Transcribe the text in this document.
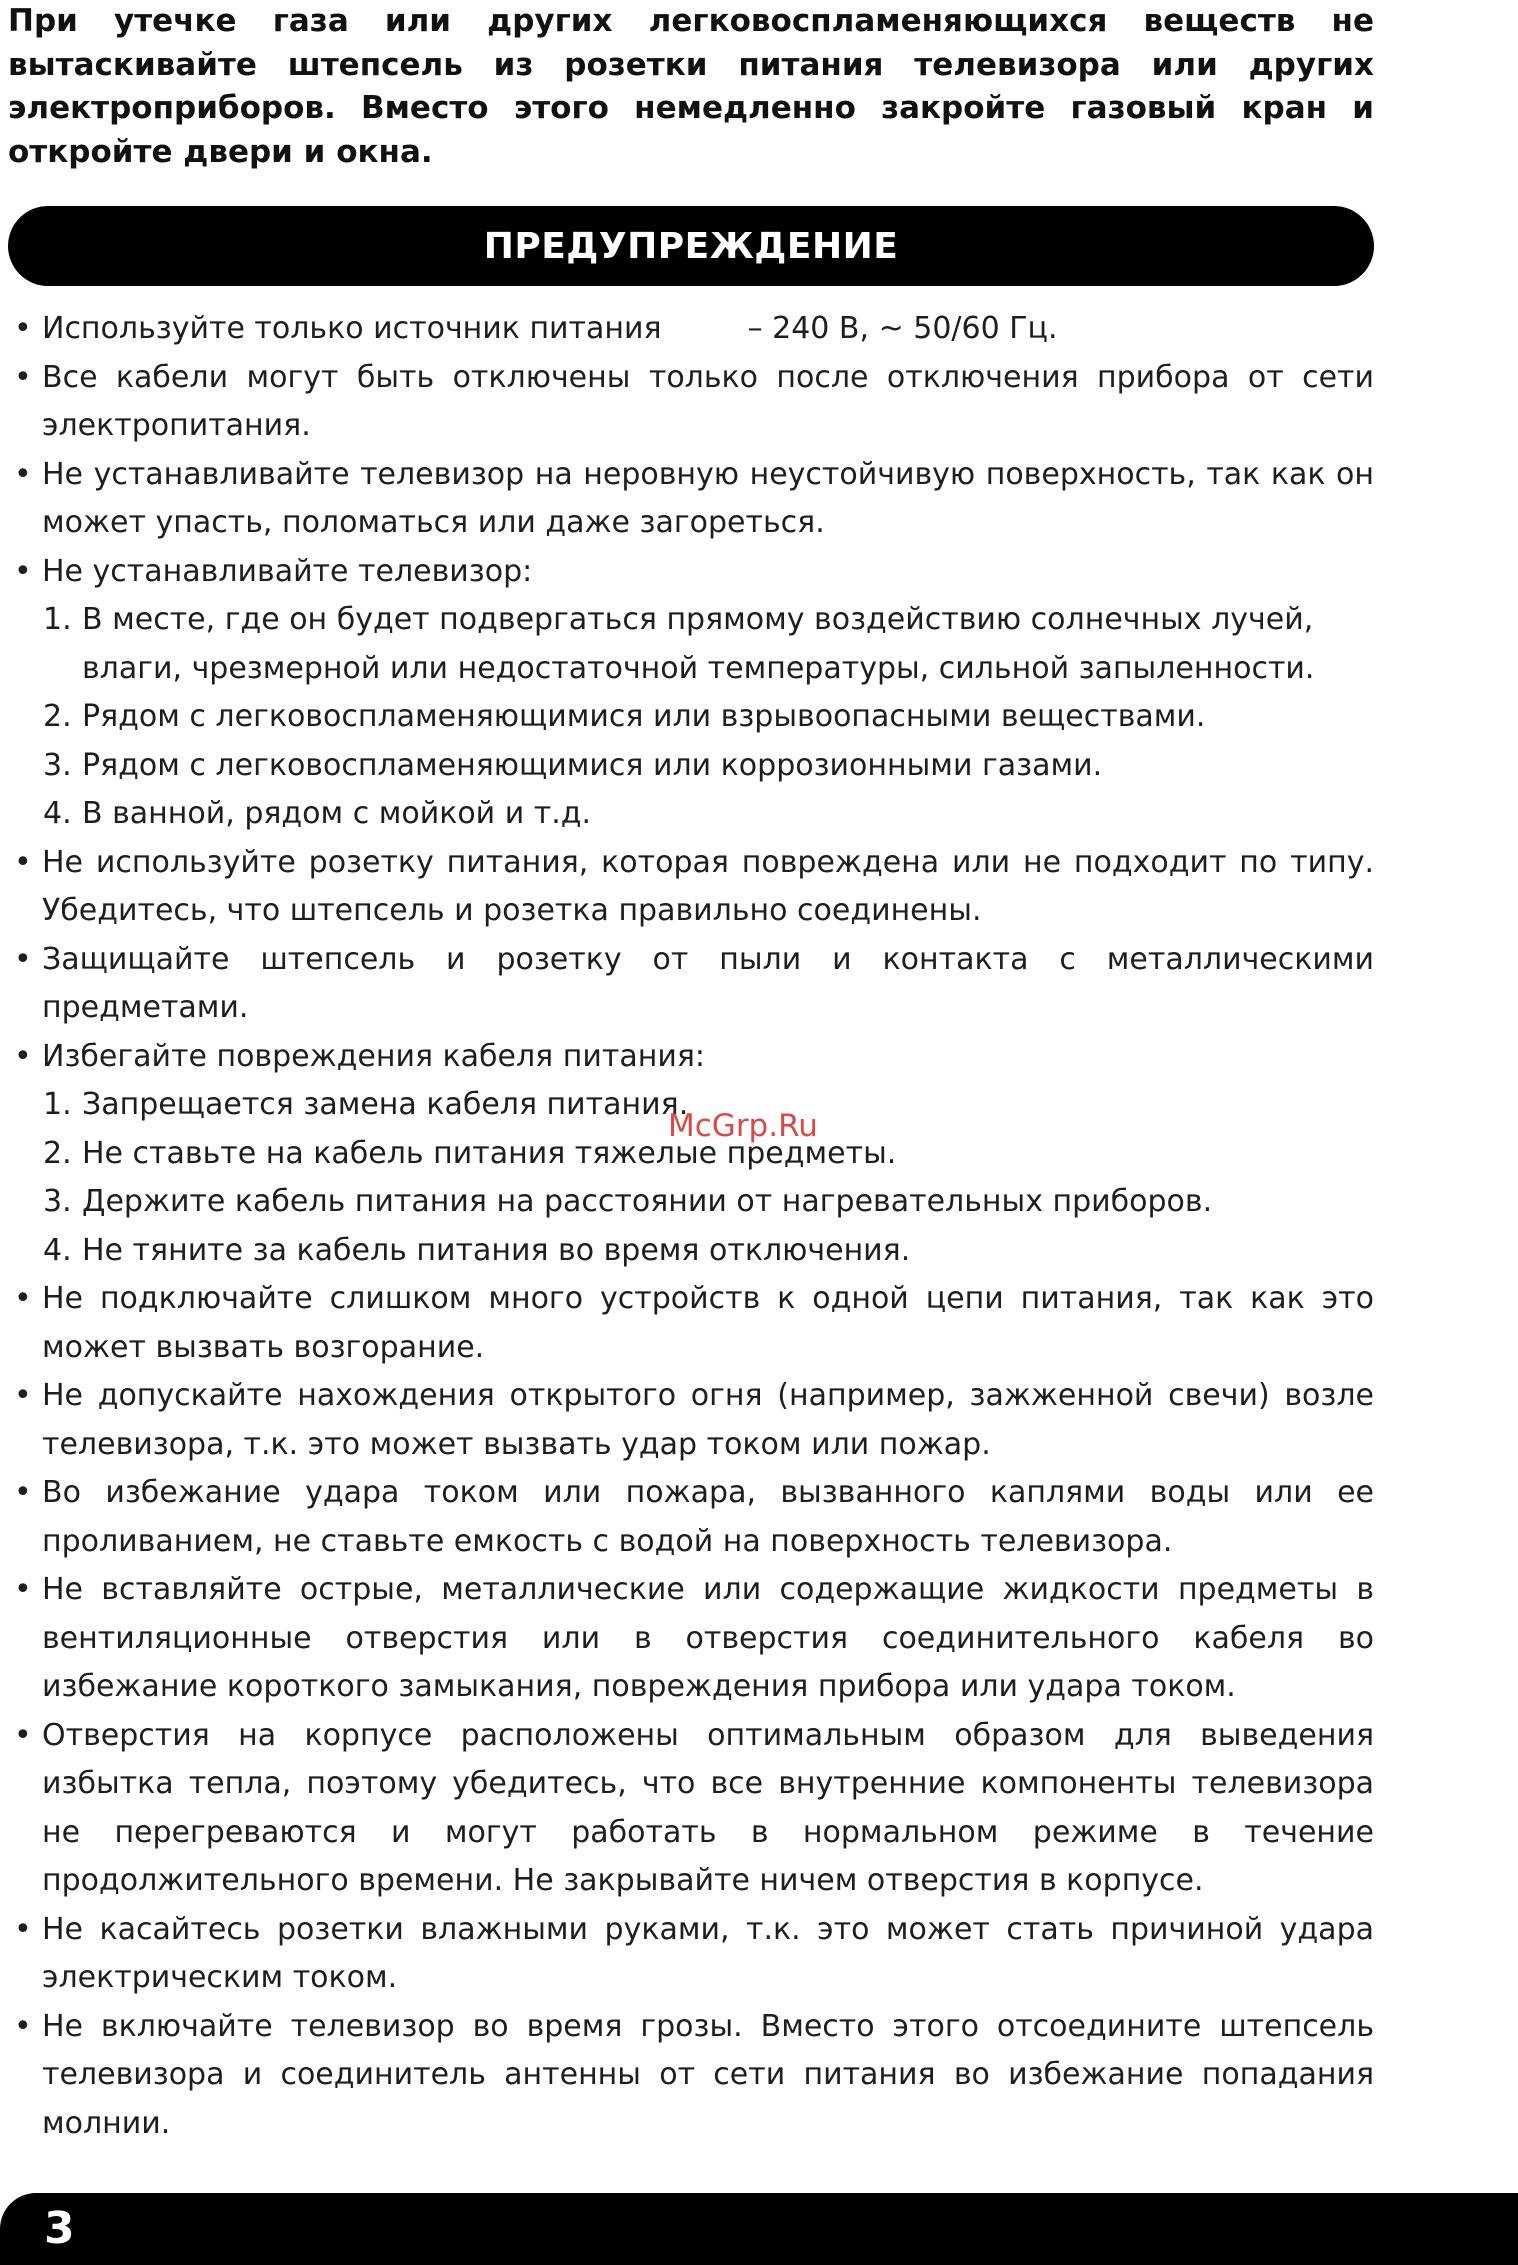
При утечке газа или других легковоспламеняющихся веществ не вытаскивайте штепсель из розетки питания телевизора или других электроприборов. Вместо этого немедленно закройте газовый кран и откройте двери и окна.
ПРЕДУПРЕЖДЕНИЕ
• Используйте только источник питания	– 240 В, ~ 50/60 Гц.
• Все кабели могут быть отключены только после отключения прибора от сети электропитания.
• Не устанавливайте телевизор на неровную неустойчивую поверхность, так как он может упасть, поломаться или даже загореться.
• Не устанавливайте телевизор:
1. В месте, где он будет подвергаться прямому воздействию солнечных лучей, влаги, чрезмерной или недостаточной температуры, сильной запыленности.
2. Рядом с легковоспламеняющимися или взрывоопасными веществами.
3. Рядом с легковоспламеняющимися или коррозионными газами.
4. В ванной, рядом с мойкой и т.д.
• Не используйте розетку питания, которая повреждена или не подходит по типу. Убедитесь, что штепсель и розетка правильно соединены.
• Защищайте штепсель и розетку от пыли и контакта с металлическими предметами.
• Избегайте повреждения кабеля питания:
1. Запрещается замена кабеля питания.
2. Не ставьте на кабель питания тяжелые предметы.
3. Держите кабель питания на расстоянии от нагревательных приборов.
4. Не тяните за кабель питания во время отключения.
• Не подключайте слишком много устройств к одной цепи питания, так как это может вызвать возгорание.
• Не допускайте нахождения открытого огня (например, зажженной свечи) возле телевизора, т.к. это может вызвать удар током или пожар.
• Во избежание удара током или пожара, вызванного каплями воды или ее проливанием, не ставьте емкость с водой на поверхность телевизора.
• Не вставляйте острые, металлические или содержащие жидкости предметы в вентиляционные отверстия или в отверстия соединительного кабеля во избежание короткого замыкания, повреждения прибора или удара током.
• Отверстия на корпусе расположены оптимальным образом для выведения избытка тепла, поэтому убедитесь, что все внутренние компоненты телевизора не перегреваются и могут работать в нормальном режиме в течение продолжительного времени. Не закрывайте ничем отверстия в корпусе.
• Не касайтесь розетки влажными руками, т.к. это может стать причиной удара электрическим током.
• Не включайте телевизор во время грозы. Вместо этого отсоедините штепсель телевизора и соединитель антенны от сети питания во избежание попадания молнии.
McGrp.Ru
3
